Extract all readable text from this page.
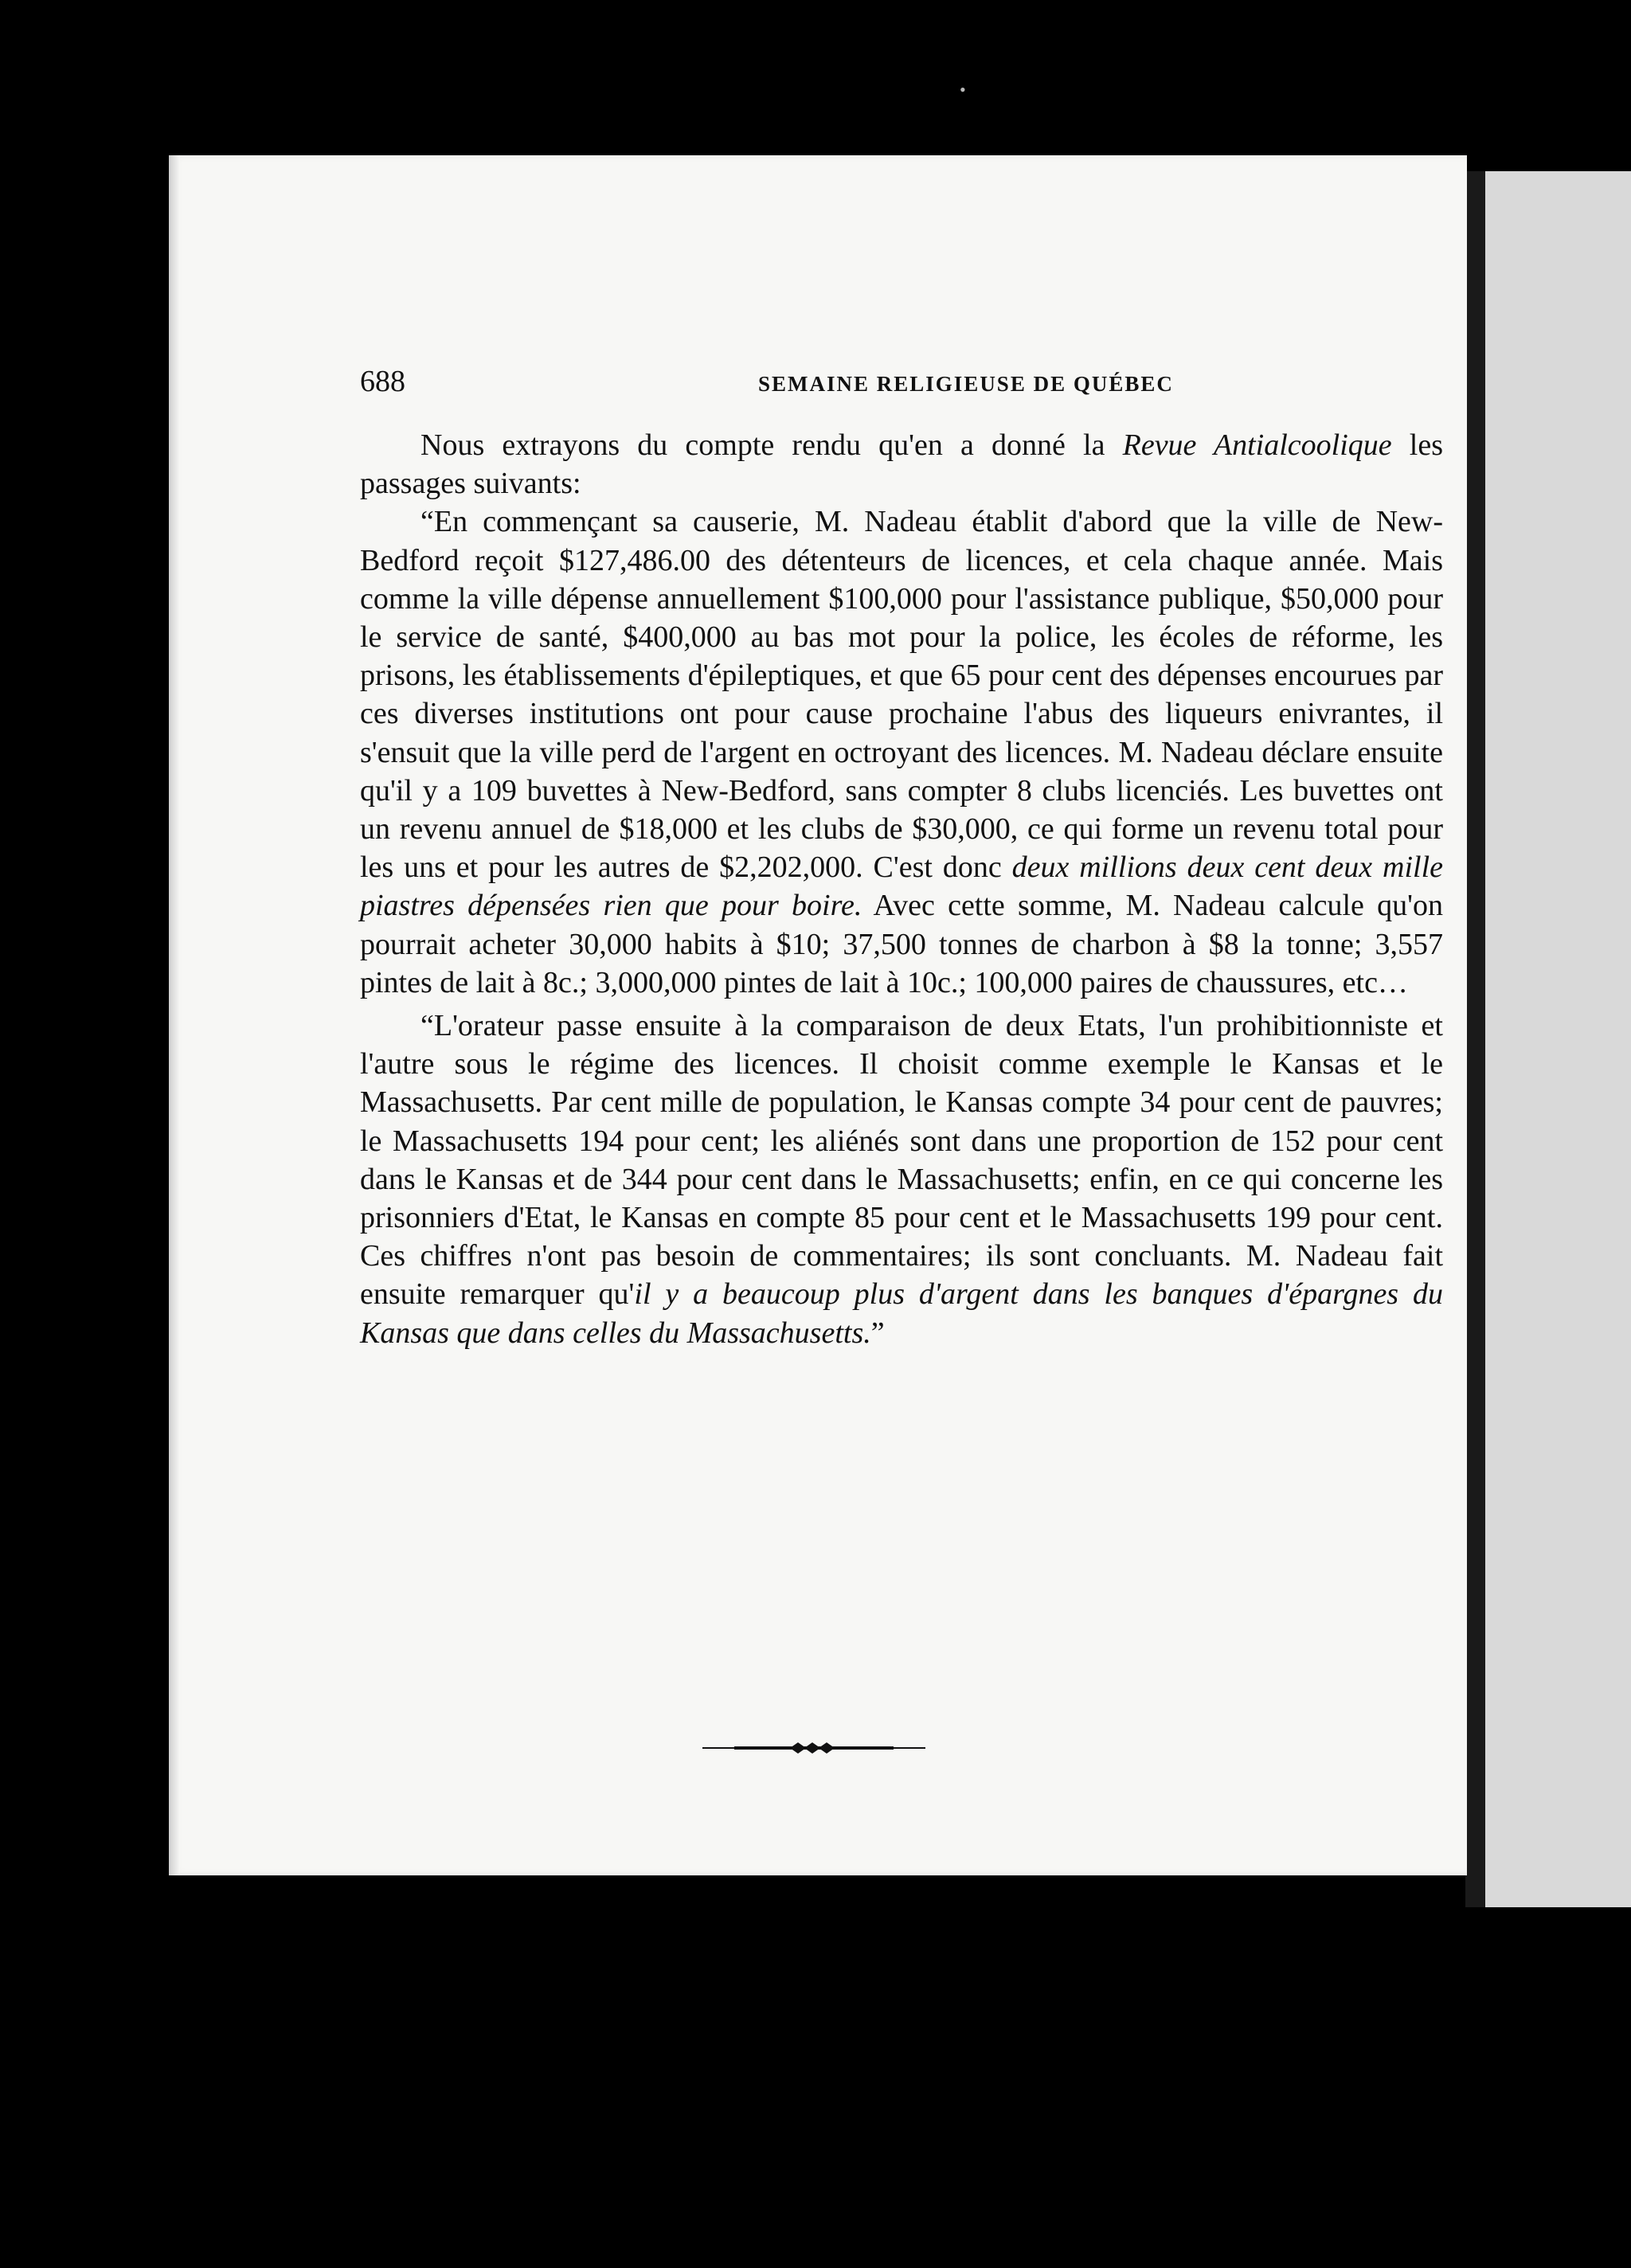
•
688	SEMAINE RELIGIEUSE DE QUÉBEC

Nous extrayons du compte rendu qu'en a donné la Revue Antialcoolique les passages suivants:

“En commençant sa causerie, M. Nadeau établit d'abord que la ville de New-Bedford reçoit $127,486.00 des détenteurs de licences, et cela chaque année. Mais comme la ville dépense annuellement $100,000 pour l'assistance publique, $50,000 pour le service de santé, $400,000 au bas mot pour la police, les écoles de réforme, les prisons, les établissements d'épileptiques, et que 65 pour cent des dépenses encourues par ces diverses institutions ont pour cause prochaine l'abus des liqueurs enivrantes, il s'ensuit que la ville perd de l'argent en octroyant des licences. M. Nadeau déclare ensuite qu'il y a 109 buvettes à New-Bedford, sans compter 8 clubs licenciés. Les buvettes ont un revenu annuel de $18,000 et les clubs de $30,000, ce qui forme un revenu total pour les uns et pour les autres de $2,202,000. C'est donc deux millions deux cent deux mille piastres dépensées rien que pour boire. Avec cette somme, M. Nadeau calcule qu'on pourrait acheter 30,000 habits à $10; 37,500 tonnes de charbon à $8 la tonne; 3,557 pintes de lait à 8c.; 3,000,000 pintes de lait à 10c.; 100,000 paires de chaussures, etc…

“L'orateur passe ensuite à la comparaison de deux Etats, l'un prohibitionniste et l'autre sous le régime des licences. Il choisit comme exemple le Kansas et le Massachusetts. Par cent mille de population, le Kansas compte 34 pour cent de pauvres; le Massachusetts 194 pour cent; les aliénés sont dans une proportion de 152 pour cent dans le Kansas et de 344 pour cent dans le Massachusetts; enfin, en ce qui concerne les prisonniers d'Etat, le Kansas en compte 85 pour cent et le Massachusetts 199 pour cent. Ces chiffres n'ont pas besoin de commentaires; ils sont concluants. M. Nadeau fait ensuite remarquer qu'il y a beaucoup plus d'argent dans les banques d'épargnes du Kansas que dans celles du Massachusetts.”
